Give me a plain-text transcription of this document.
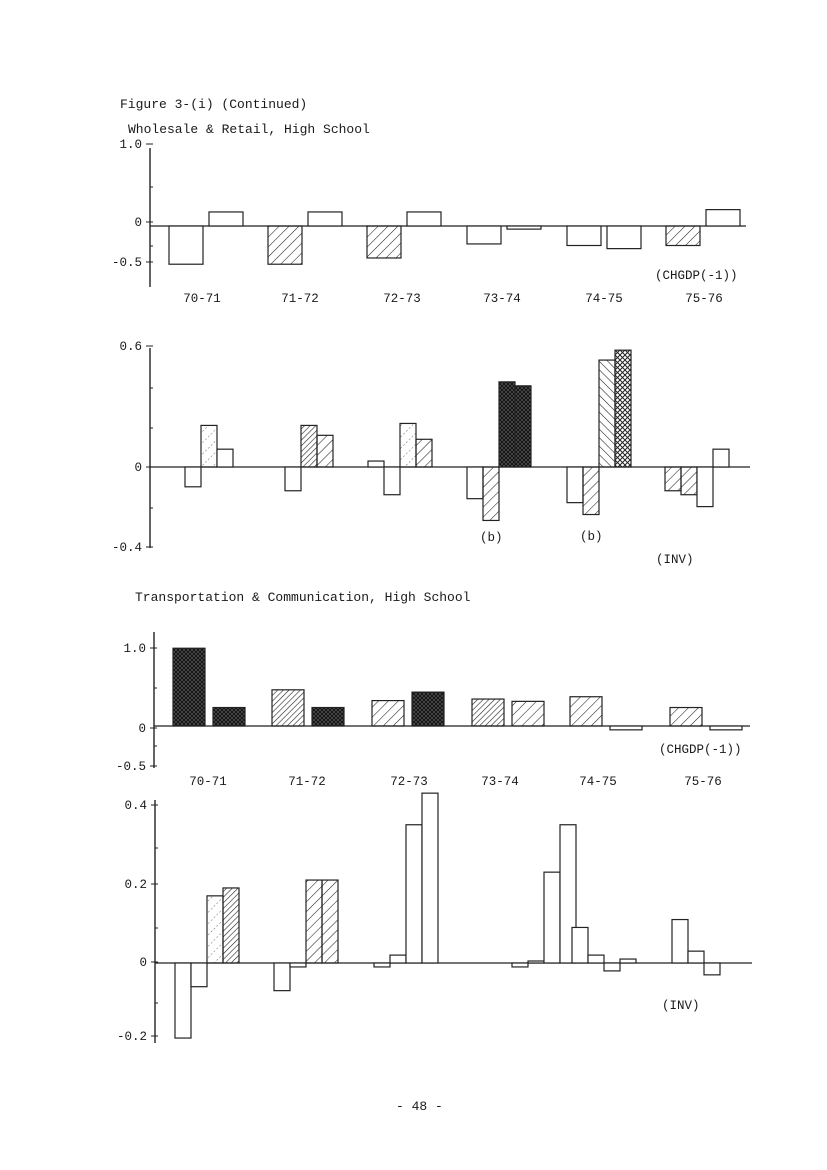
Figure 3-(i) (Continued)
Wholesale & Retail, High School
Transportation & Communication, High School
- 48 -
1.0
0
-0.5
70-71	71-72	72-73	73-74	74-75	75-76
(CHGDP(-1))
0.6
0
-0.4
(INV)
(b)	(b)
1.0
0
-0.5
70-71	71-72	72-73	73-74	74-75	75-76
(CHGDP(-1))
0.4
0.2
0
-0.2
(INV)
